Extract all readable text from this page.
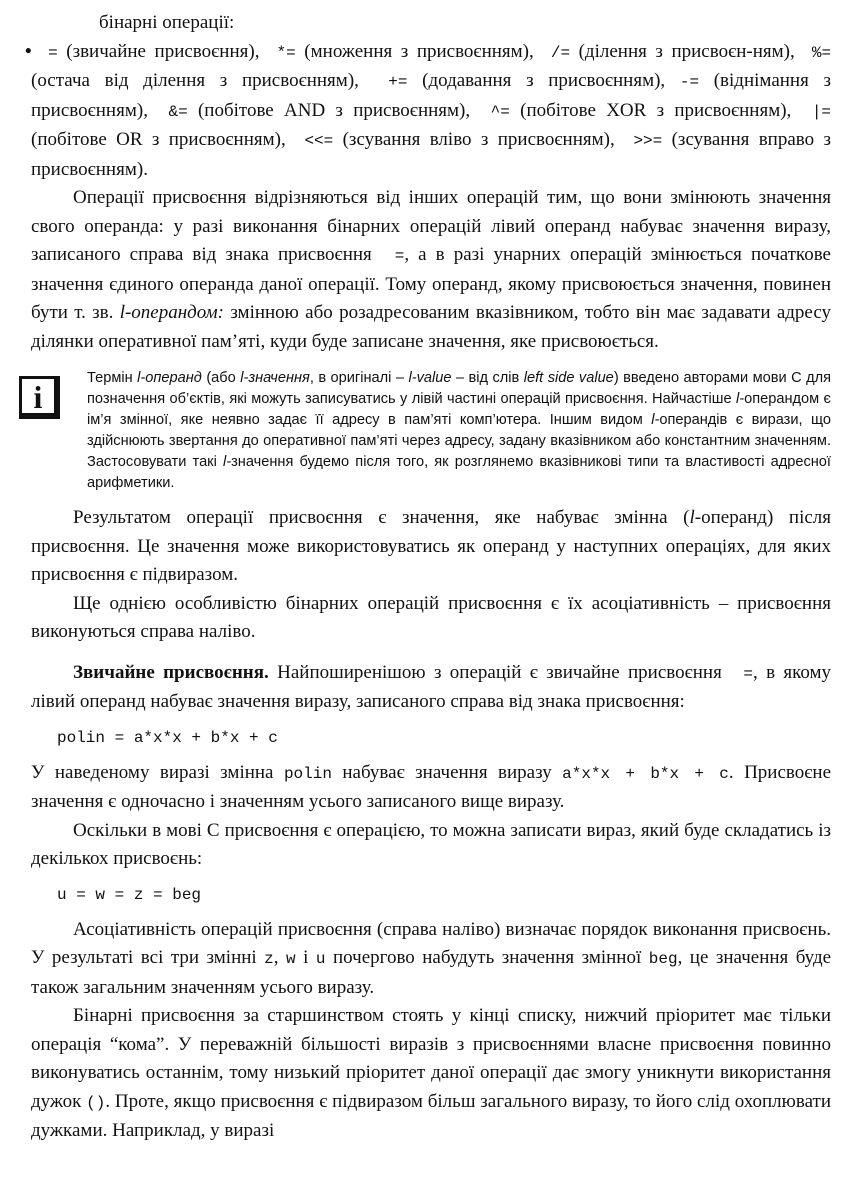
бінарні операції:

• = (звичайне присвоєння), *= (множення з присвоєнням), /= (ділення з присвоєн-ням), %= (остача від ділення з присвоєнням), += (додавання з присвоєнням), -= (віднімання з присвоєнням), &= (побітове AND з присвоєнням), ^= (побітове XOR з присвоєнням), |= (побітове OR з присвоєнням), <<= (зсування вліво з присвоєнням), >>= (зсування вправо з присвоєнням).

Операції присвоєння відрізняються від інших операцій тим, що вони змінюють значення свого операнда: у разі виконання бінарних операцій лівий операнд набуває значення виразу, записаного справа від знака присвоєння  =, а в разі унарних операцій змінюється початкове значення єдиного операнда даної операції. Тому операнд, якому присвоюється значення, повинен бути т. зв. l-операндом: змінною або розадресованим вказівником, тобто він має задавати адресу ділянки оперативної пам’яті, куди буде записане значення, яке присвоюється.

i
Термін l-операнд (або l-значення, в оригіналі – l-value – від слів left side value) введено авторами мови С для позначення об’єктів, які можуть записуватись у лівій частині операцій присвоєння. Найчастіше l-операндом є ім’я змінної, яке неявно задає її адресу в пам’яті комп’ютера. Іншим видом l-операндів є вирази, що здійснюють звертання до оперативної пам’яті через адресу, задану вказівником або константним значенням. Застосовувати такі l-значення будемо після того, як розглянемо вказівникові типи та властивості адресної арифметики.

Результатом операції присвоєння є значення, яке набуває змінна (l-операнд) після присвоєння. Це значення може використовуватись як операнд у наступних операціях, для яких присвоєння є підвиразом.

Ще однією особливістю бінарних операцій присвоєння є їх асоціативність – присвоєння виконуються справа наліво.

Звичайне присвоєння. Найпоширенішою з операцій є звичайне присвоєння  =, в якому лівий операнд набуває значення виразу, записаного справа від знака присвоєння:

polin = a*x*x + b*x + c

У наведеному виразі змінна polin набуває значення виразу a*x*x + b*x + c. Присвоєне значення є одночасно і значенням усього записаного вище виразу.

Оскільки в мові С присвоєння є операцією, то можна записати вираз, який буде складатись із декількох присвоєнь:

u = w = z = beg

Асоціативність операцій присвоєння (справа наліво) визначає порядок виконання присвоєнь. У результаті всі три змінні z, w і u почергово набудуть значення змінної beg, це значення буде також загальним значенням усього виразу.

Бінарні присвоєння за старшинством стоять у кінці списку, нижчий пріоритет має тільки операція “кома”. У переважній більшості виразів з присвоєннями власне присвоєння повинно виконуватись останнім, тому низький пріоритет даної операції дає змогу уникнути використання дужок (). Проте, якщо присвоєння є підвиразом більш загального виразу, то його слід охоплювати дужками. Наприклад, у виразі
